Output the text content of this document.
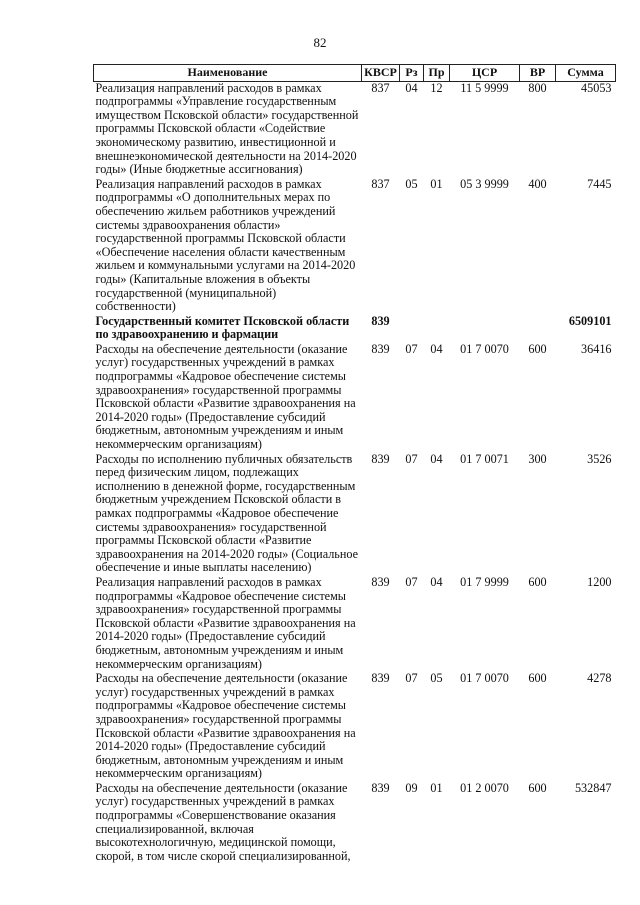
82
Наименование	КВСР	Рз	Пр	ЦСР	ВР	Сумма
Реализация направлений расходов в рамках подпрограммы «Управление государственным имуществом Псковской области» государственной программы Псковской области «Содействие экономическому развитию, инвестиционной и внешнеэкономической деятельности на 2014-2020 годы» (Иные бюджетные ассигнования)	837	04	12	11 5 9999	800	45053
Реализация направлений расходов в рамках подпрограммы «О дополнительных мерах по обеспечению жильем работников учреждений системы здравоохранения области» государственной программы Псковской области «Обеспечение населения области качественным жильем и коммунальными услугами на 2014-2020 годы» (Капитальные вложения в объекты государственной (муниципальной) собственности)	837	05	01	05 3 9999	400	7445
Государственный комитет Псковской области по здравоохранению и фармации	839					6509101
Расходы на обеспечение деятельности (оказание услуг) государственных учреждений в рамках подпрограммы «Кадровое обеспечение системы здравоохранения» государственной программы Псковской области «Развитие здравоохранения на 2014-2020 годы» (Предоставление субсидий бюджетным, автономным учреждениям и иным некоммерческим организациям)	839	07	04	01 7 0070	600	36416
Расходы по исполнению публичных обязательств перед физическим лицом, подлежащих исполнению в денежной форме, государственным бюджетным учреждением Псковской области в рамках подпрограммы «Кадровое обеспечение системы здравоохранения» государственной программы Псковской области «Развитие здравоохранения на 2014-2020 годы» (Социальное обеспечение и иные выплаты населению)	839	07	04	01 7 0071	300	3526
Реализация направлений расходов в рамках подпрограммы «Кадровое обеспечение системы здравоохранения» государственной программы Псковской области «Развитие здравоохранения на 2014-2020 годы» (Предоставление субсидий бюджетным, автономным учреждениям и иным некоммерческим организациям)	839	07	04	01 7 9999	600	1200
Расходы на обеспечение деятельности (оказание услуг) государственных учреждений в рамках подпрограммы «Кадровое обеспечение системы здравоохранения» государственной программы Псковской области «Развитие здравоохранения на 2014-2020 годы» (Предоставление субсидий бюджетным, автономным учреждениям и иным некоммерческим организациям)	839	07	05	01 7 0070	600	4278
Расходы на обеспечение деятельности (оказание услуг) государственных учреждений в рамках подпрограммы «Совершенствование оказания специализированной, включая высокотехнологичную, медицинской помощи, скорой, в том числе скорой специализированной,	839	09	01	01 2 0070	600	532847
